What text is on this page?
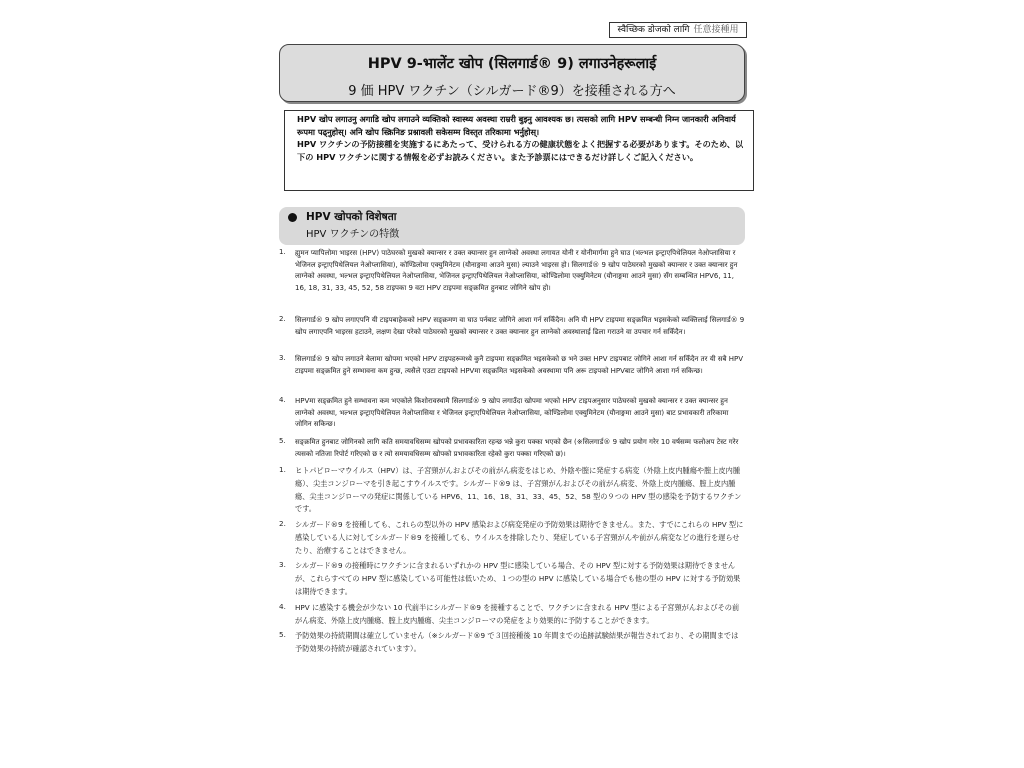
स्वैच्छिक डोजको लागि 任意接種用
HPV 9-भालेंट खोप (सिलगार्ड® 9) लगाउनेहरूलाई
9 価 HPV ワクチン（シルガード®9）を接種される方へ

HPV खोप लगाउनु अगाडि खोप लगाउने व्यक्तिको स्वास्थ्य अवस्था राम्ररी बुझ्नु आवश्यक छ। त्यसको लागि HPV सम्बन्धी निम्न जानकारी अनिवार्य रूपमा पढ्नुहोस्। अनि खोप स्क्रिनिङ प्रश्नावली सकेसम्म विस्तृत तरिकामा भर्नुहोस्।

HPV ワクチンの予防接種を実施するにあたって、受けられる方の健康状態をよく把握する必要があります。そのため、以下の HPV ワクチンに関する情報を必ずお読みください。また予診票にはできるだけ詳しくご記入ください。

HPV खोपको विशेषता
HPV ワクチンの特徴
1. ह्युमन प्यापिलोमा भाइरस (HPV) पाठेघरको मुखको क्यान्सर र उक्त क्यान्सर हुन लाग्नेको अवस्था लगायत योनी र योनीमार्गमा हुने घाउ (भल्भल इन्ट्राएपिथेलियल नेओप्लासिया र भेजिनल इन्ट्राएपिथेलियल नेओप्लासिया), कोण्डिलोमा एक्युमिनेटम (यौनाङ्गमा आउने मुसा) ल्याउने भाइरस हो। सिलगार्ड® 9 खोप पाठेघरको मुखको क्यान्सर र उक्त क्यान्सर हुन लाग्नेको अवस्था, भल्भल इन्ट्राएपिथेलियल नेओप्लासिया, भेजिनल इन्ट्राएपिथेलियल नेओप्लासिया, कोण्डिलोमा एक्युमिनेटम (यौनाङ्गमा आउने मुसा) सँग सम्बन्धित HPV6, 11, 16, 18, 31, 33, 45, 52, 58 टाइपका 9 वटा HPV टाइपमा सङ्क्रमित हुनबाट जोगिने खोप हो।
2. सिलगार्ड® 9 खोप लगाएपनि यी टाइपबाहेकको HPV सङ्क्रमण वा घाउ पर्नबाट जोगिने आशा गर्न सकिँदैन। अनि यी HPV टाइपमा सङ्क्रमित भइसकेको व्यक्तिलाई सिलगार्ड® 9 खोप लगाएपनि भाइरस हटाउने, लक्षण देखा परेको पाठेघरको मुखको क्यान्सर र उक्त क्यान्सर हुन लाग्नेको अवस्थालाई ढिला गराउने वा उपचार गर्न सकिँदैन।
3. सिलगार्ड® 9 खोप लगाउने बेलामा खोपमा भएको HPV टाइपहरूमध्ये कुनै टाइपमा सङ्क्रमित भइसकेको छ भने उक्त HPV टाइपबाट जोगिने आशा गर्न सकिँदैन तर यी सबै HPV टाइपमा सङ्क्रमित हुने सम्भावना कम हुन्छ, त्यसैले एउटा टाइपको HPVमा सङ्क्रमित भइसकेको अवस्थामा पनि अरू टाइपको HPVबाट जोगिने आशा गर्न सकिन्छ।
4. HPVमा सङ्क्रमित हुने सम्भावना कम भएकोले किशोरावस्थामै सिलगार्ड® 9 खोप लगाउँदा खोपमा भएको HPV टाइपअनुसार पाठेघरको मुखको क्यान्सर र उक्त क्यान्सर हुन लाग्नेको अवस्था, भल्भल इन्ट्राएपिथेलियल नेओप्लासिया र भेजिनल इन्ट्राएपिथेलियल नेओप्लासिया, कोण्डिलोमा एक्युमिनेटम (यौनाङ्गमा आउने मुसा) बाट प्रभावकारी तरिकामा जोगिन सकिन्छ।
5. सङ्क्रमित हुनबाट जोगिनको लागि कति समयावधिसम्म खोपको प्रभावकारिता रहन्छ भन्ने कुरा पक्का भएको छैन (※सिलगार्ड® 9 खोप प्रयोग गरेर 10 वर्षसम्म फलोअप टेस्ट गरेर त्यसको नतिजा रिपोर्ट गरिएको छ र त्यो समयावधिसम्म खोपको प्रभावकारिता रहेको कुरा पक्का गरिएको छ)।
1. ヒトパピローマウイルス（HPV）は、子宮頸がんおよびその前がん病変をはじめ、外陰や膣に発症する病変（外陰上皮内腫瘍や膣上皮内腫瘍）、尖圭コンジローマを引き起こすウイルスです。シルガード®9 は、子宮頸がんおよびその前がん病変、外陰上皮内腫瘍、膣上皮内腫瘍、尖圭コンジローマの発症に関係している HPV6、11、16、18、31、33、45、52、58 型の９つの HPV 型の感染を予防するワクチンです。
2. シルガード®9 を接種しても、これらの型以外の HPV 感染および病変発症の予防効果は期待できません。また、すでにこれらの HPV 型に感染している人に対してシルガード®9 を接種しても、ウイルスを排除したり、発症している子宮頸がんや前がん病変などの進行を遅らせたり、治療することはできません。
3. シルガード®9 の接種時にワクチンに含まれるいずれかの HPV 型に感染している場合、その HPV 型に対する予防効果は期待できませんが、これらすべての HPV 型に感染している可能性は低いため、１つの型の HPV に感染している場合でも他の型の HPV に対する予防効果は期待できます。
4. HPV に感染する機会が少ない 10 代前半にシルガード®9 を接種することで、ワクチンに含まれる HPV 型による子宮頸がんおよびその前がん病変、外陰上皮内腫瘍、膣上皮内腫瘍、尖圭コンジローマの発症をより効果的に予防することができます。
5. 予防効果の持続期間は確立していません（※シルガード®9 で３回接種後 10 年間までの追跡試験結果が報告されており、その期間までは予防効果の持続が確認されています）。
